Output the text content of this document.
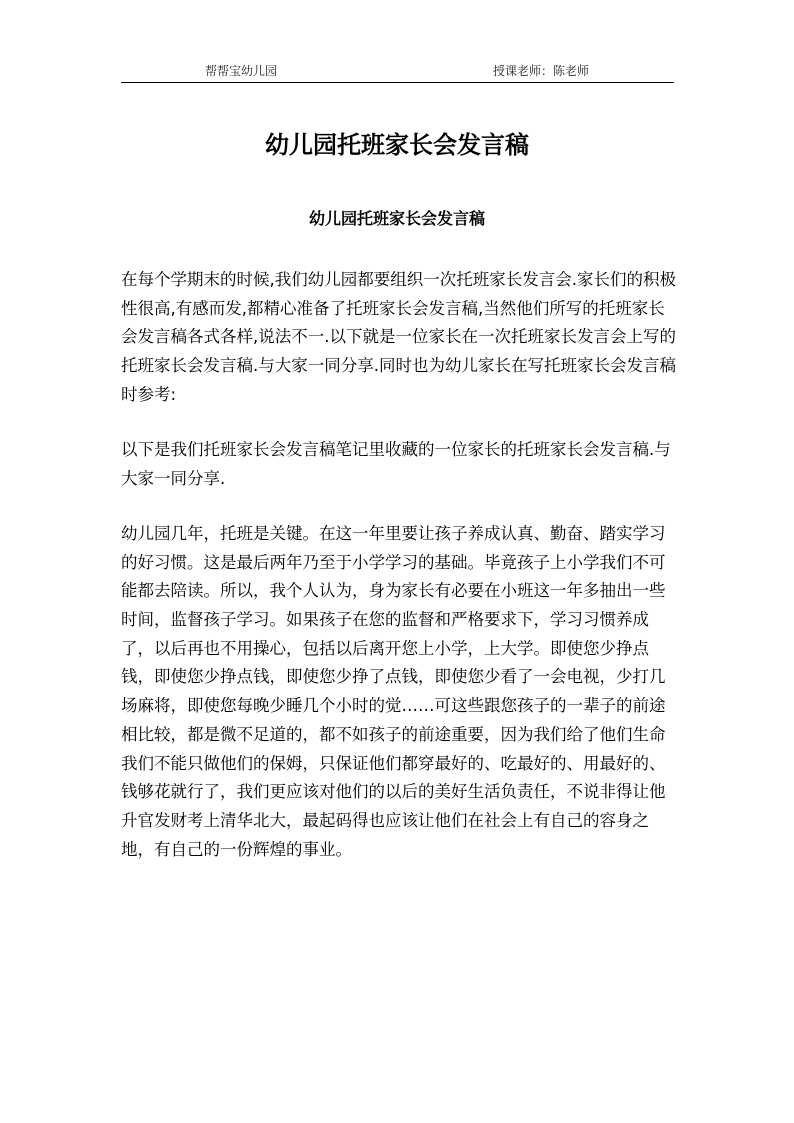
帮帮宝幼儿园	授课老师：陈老师
幼儿园托班家长会发言稿
幼儿园托班家长会发言稿

在每个学期末的时候,我们幼儿园都要组织一次托班家长发言会.家长们的积极性很高,有感而发,都精心准备了托班家长会发言稿,当然他们所写的托班家长会发言稿各式各样,说法不一.以下就是一位家长在一次托班家长发言会上写的托班家长会发言稿.与大家一同分享.同时也为幼儿家长在写托班家长会发言稿时参考:

以下是我们托班家长会发言稿笔记里收藏的一位家长的托班家长会发言稿.与大家一同分享.

幼儿园几年，托班是关键。在这一年里要让孩子养成认真、勤奋、踏实学习的好习惯。这是最后两年乃至于小学学习的基础。毕竟孩子上小学我们不可能都去陪读。所以，我个人认为，身为家长有必要在小班这一年多抽出一些时间，监督孩子学习。如果孩子在您的监督和严格要求下，学习习惯养成了，以后再也不用操心，包括以后离开您上小学，上大学。即使您少挣点钱，即使您少挣点钱，即使您少挣了点钱，即使您少看了一会电视，少打几场麻将，即使您每晚少睡几个小时的觉……可这些跟您孩子的一辈子的前途相比较，都是微不足道的，都不如孩子的前途重要，因为我们给了他们生命我们不能只做他们的保姆，只保证他们都穿最好的、吃最好的、用最好的、钱够花就行了，我们更应该对他们的以后的美好生活负责任，不说非得让他升官发财考上清华北大，最起码得也应该让他们在社会上有自己的容身之地，有自己的一份辉煌的事业。
